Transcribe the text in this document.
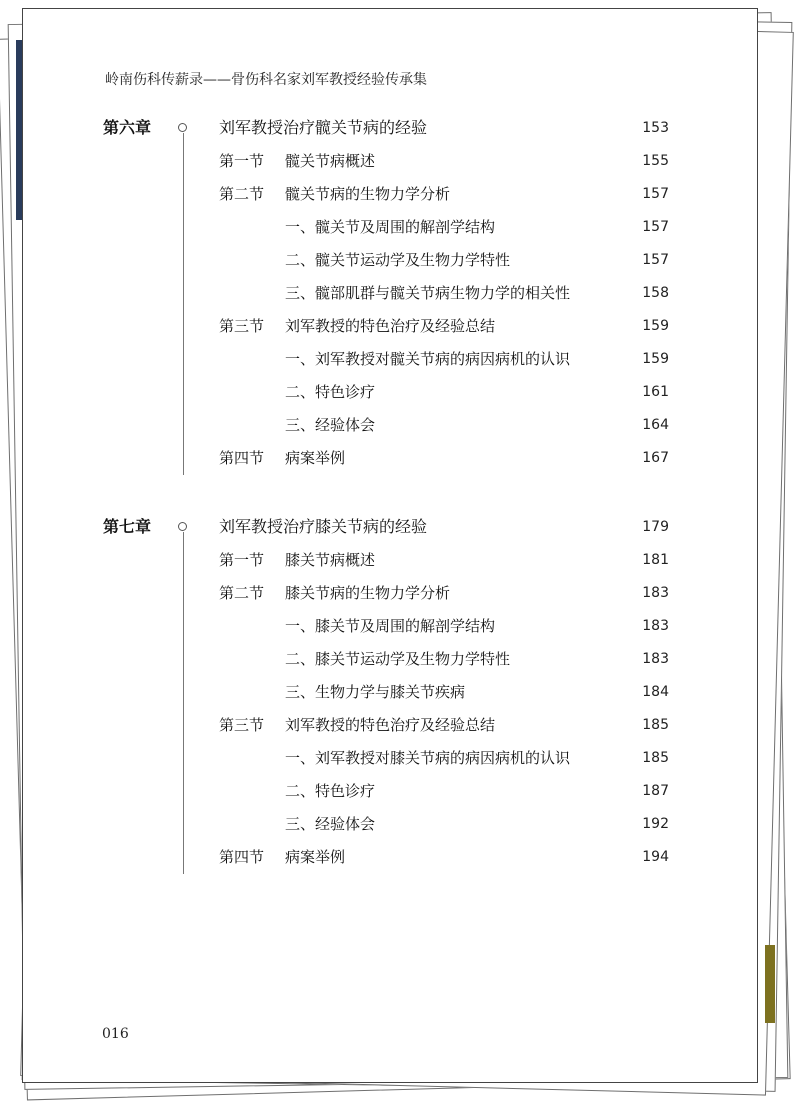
岭南伤科传薪录——骨伤科名家刘军教授经验传承集
第六章	刘军教授治疗髋关节病的经验	153
第一节 髋关节病概述	155
第二节 髋关节病的生物力学分析	157
一、髋关节及周围的解剖学结构	157
二、髋关节运动学及生物力学特性	157
三、髋部肌群与髋关节病生物力学的相关性	158
第三节 刘军教授的特色治疗及经验总结	159
一、刘军教授对髋关节病的病因病机的认识	159
二、特色诊疗	161
三、经验体会	164
第四节 病案举例	167
第七章	刘军教授治疗膝关节病的经验	179
第一节 膝关节病概述	181
第二节 膝关节病的生物力学分析	183
一、膝关节及周围的解剖学结构	183
二、膝关节运动学及生物力学特性	183
三、生物力学与膝关节疾病	184
第三节 刘军教授的特色治疗及经验总结	185
一、刘军教授对膝关节病的病因病机的认识	185
二、特色诊疗	187
三、经验体会	192
第四节 病案举例	194
016
